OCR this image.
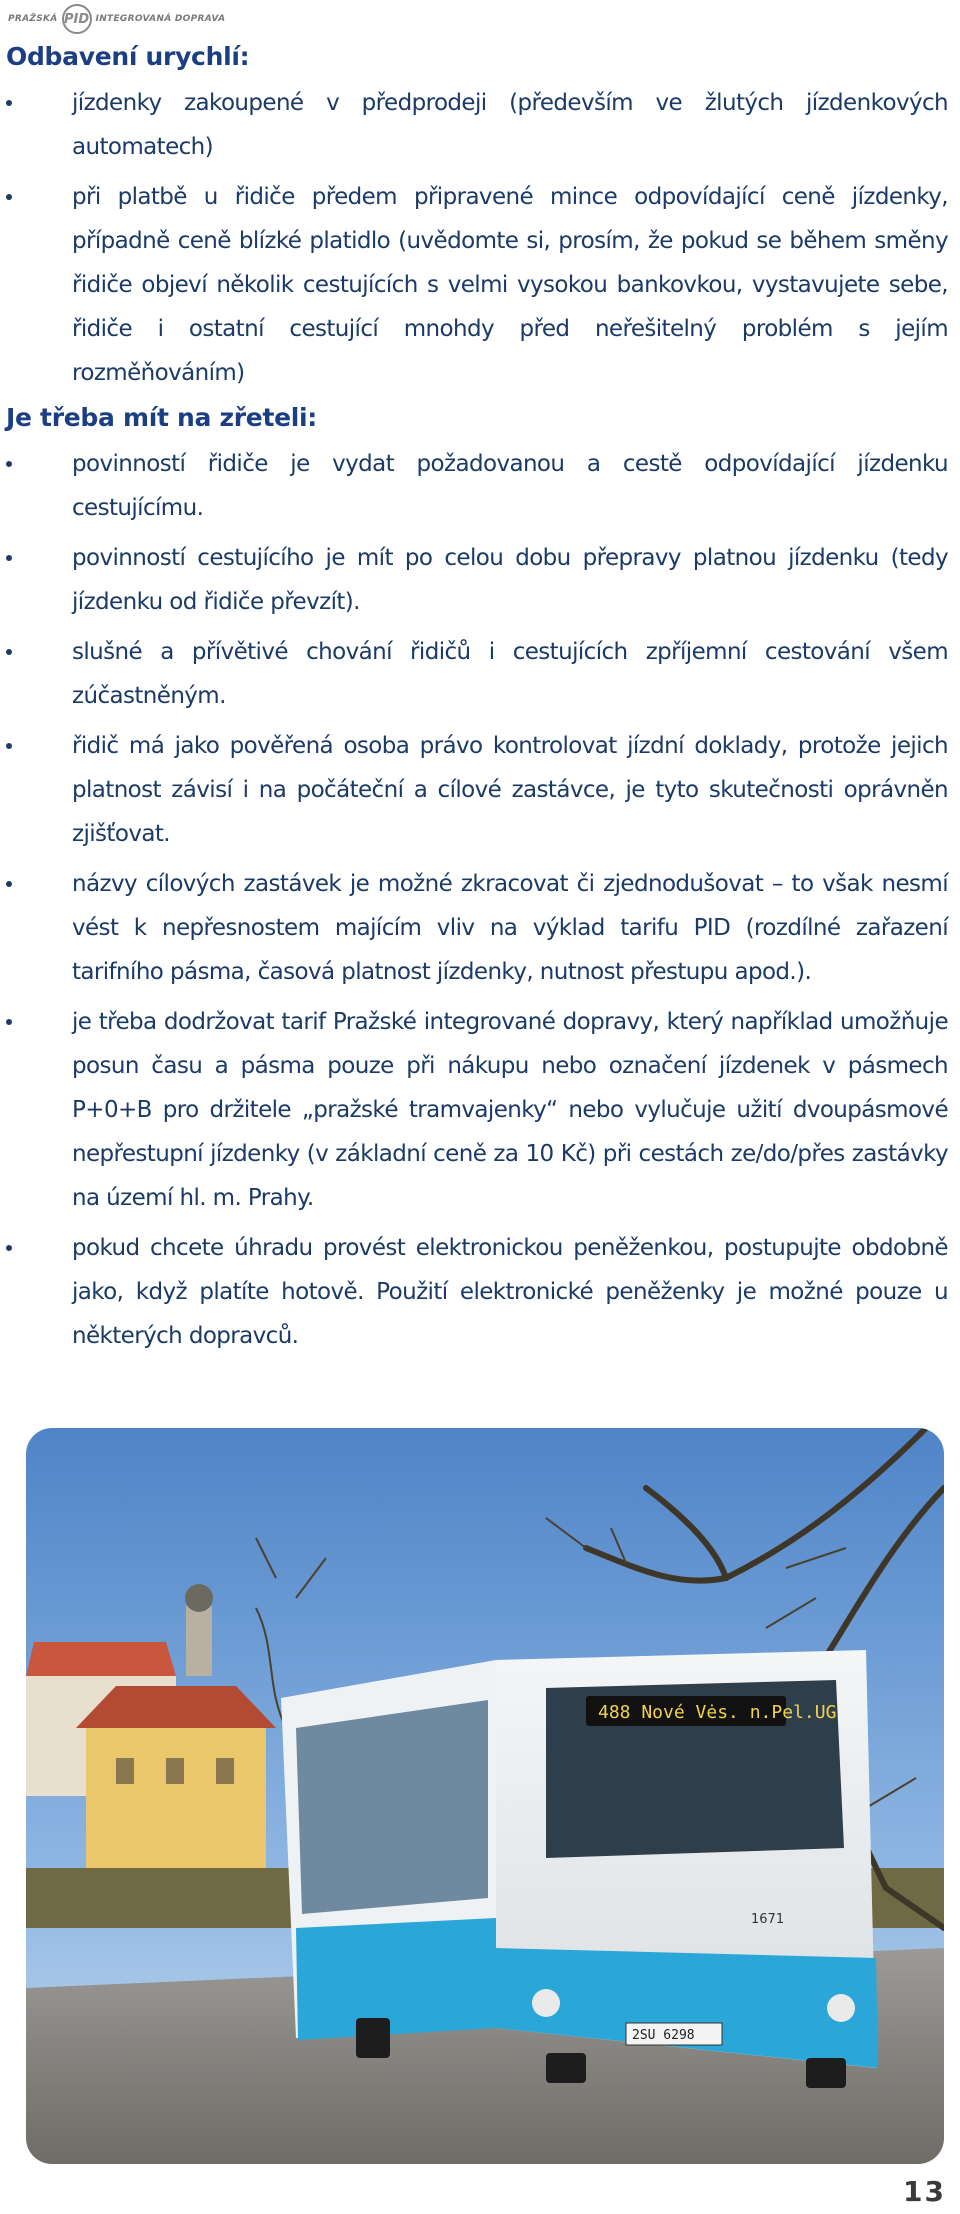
PRAŽSKÁ PID INTEGROVANÁ DOPRAVA
Odbavení urychlí:
jízdenky zakoupené v předprodeji (především ve žlutých jízdenkových automatech)
při platbě u řidiče předem připravené mince odpovídající ceně jízdenky, případně ceně blízké platidlo (uvědomte si, prosím, že pokud se během směny řidiče objeví několik cestujících s velmi vysokou bankovkou, vystavujete sebe, řidiče i ostatní cestující mnohdy před neřešitelný problém s jejím rozměňováním)
Je třeba mít na zřeteli:
povinností řidiče je vydat požadovanou a cestě odpovídající jízdenku cestujícímu.
povinností cestujícího je mít po celou dobu přepravy platnou jízdenku (tedy jízdenku od řidiče převzít).
slušné a přívětivé chování řidičů i cestujících zpříjemní cestování všem zúčastněným.
řidič má jako pověřená osoba právo kontrolovat jízdní doklady, protože jejich platnost závisí i na počáteční a cílové zastávce, je tyto skutečnosti oprávněn zjišťovat.
názvy cílových zastávek je možné zkracovat či zjednodušovat – to však nesmí vést k nepřesnostem majícím vliv na výklad tarifu PID (rozdílné zařazení tarifního pásma, časová platnost jízdenky, nutnost přestupu apod.).
je třeba dodržovat tarif Pražské integrované dopravy, který například umožňuje posun času a pásma pouze při nákupu nebo označení jízdenek v pásmech P+0+B pro držitele „pražské tramvajenky“ nebo vylučuje užití dvoupásmové nepřestupní jízdenky (v základní ceně za 10 Kč) při cestách ze/do/přes zastávky na území hl. m. Prahy.
pokud chcete úhradu provést elektronickou peněženkou, postupujte obdobně jako, když platíte hotově. Použití elektronické peněženky je možné pouze u některých dopravců.
488 Nové Vės. n.Pel.UG
1671
2SU 6298
13
